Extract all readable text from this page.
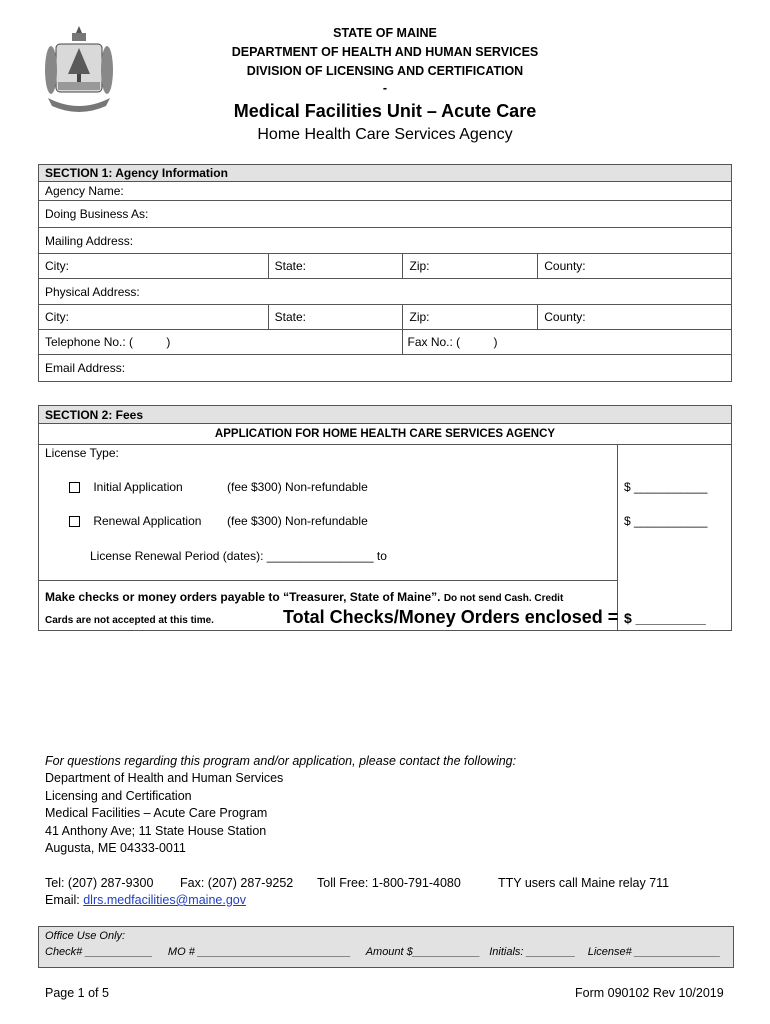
STATE OF MAINE
DEPARTMENT OF HEALTH AND HUMAN SERVICES
DIVISION OF LICENSING AND CERTIFICATION
-
Medical Facilities Unit – Acute Care
Home Health Care Services Agency
SECTION 1: Agency Information			
Agency Name:			
Doing Business As:			
Mailing Address:			
City:	State:	Zip:	County:
Physical Address:			
City:	State:	Zip:	County:
Telephone No.: (          )		Fax No.: (          )	
Email Address:			
SECTION 2: Fees
APPLICATION FOR HOME HEALTH CARE SERVICES AGENCY
License Type:
Initial Application	(fee $300) Non-refundable	$ ___________
Renewal Application (fee $300) Non-refundable	$ ___________
License Renewal Period (dates): ________________ to
Make checks or money orders payable to “Treasurer, State of Maine”. Do not send Cash. Credit
Cards are not accepted at this time.	Total Checks/Money Orders enclosed = $ _________
For questions regarding this program and/or application, please contact the following:
Department of Health and Human Services
Licensing and Certification
Medical Facilities – Acute Care Program
41 Anthony Ave; 11 State House Station
Augusta, ME 04333-0011
Tel: (207) 287-9300 Fax: (207) 287-9252 Toll Free: 1-800-791-4080	TTY users call Maine relay 711
Email: dlrs.medfacilities@maine.gov
Office Use Only:
Check# ___________     MO # _________________________     Amount $___________   Initials: ________    License# ______________
Page 1 of 5	Form 090102 Rev 10/2019
